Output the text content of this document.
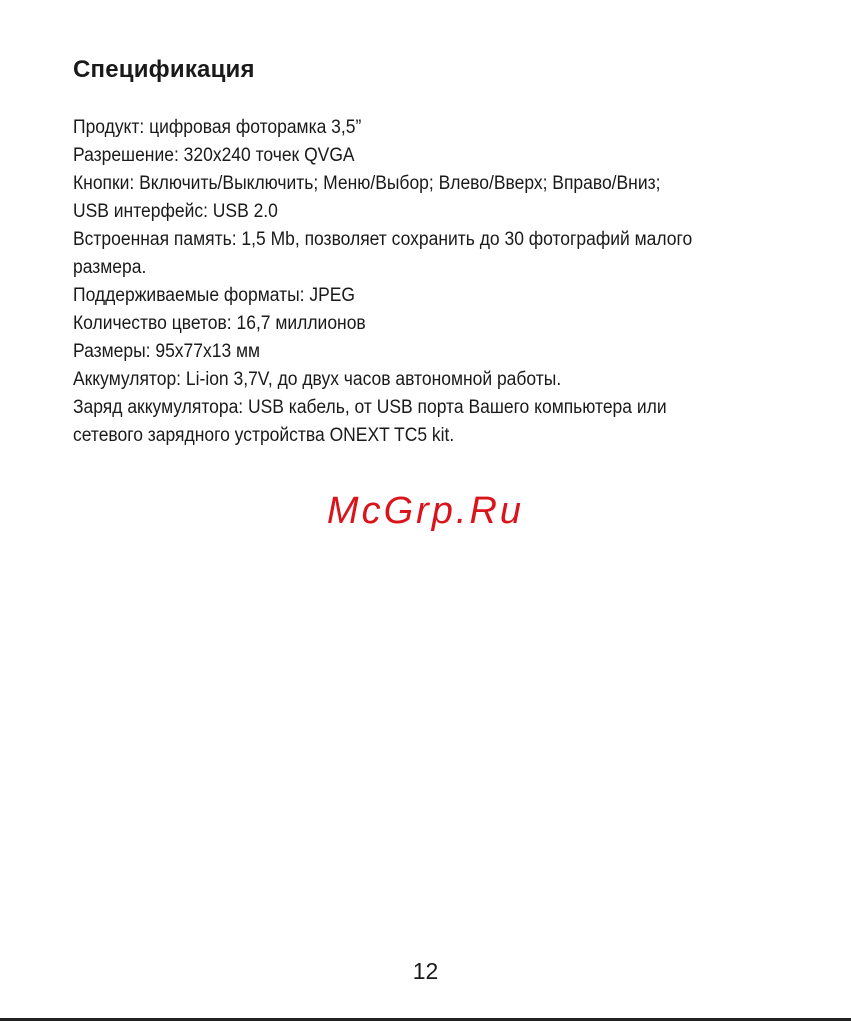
Спецификация
Продукт: цифровая фоторамка 3,5”
Разрешение: 320x240 точек QVGA
Кнопки: Включить/Выключить; Меню/Выбор; Влево/Вверх; Вправо/Вниз;
USB интерфейс: USB 2.0
Встроенная память: 1,5 Mb, позволяет сохранить до 30 фотографий малого
размера.
Поддерживаемые форматы: JPEG
Количество цветов: 16,7 миллионов
Размеры: 95x77x13 мм
Аккумулятор: Li-ion 3,7V, до двух часов автономной работы.
Заряд аккумулятора: USB кабель, от USB порта Вашего компьютера или
сетевого зарядного устройства ONEXT TC5 kit.
McGrp.Ru
12
